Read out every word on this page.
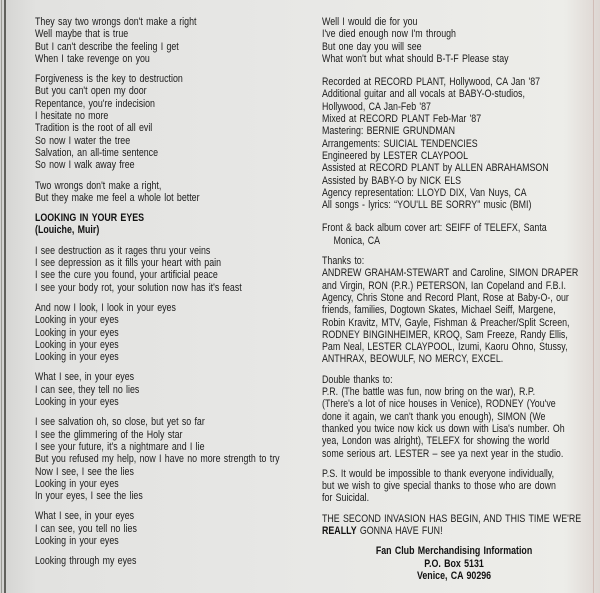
They say two wrongs don't make a right
Well maybe that is true
But I can't describe the feeling I get
When I take revenge on you
Forgiveness is the key to destruction
But you can't open my door
Repentance, you're indecision
I hesitate no more
Tradition is the root of all evil
So now I water the tree
Salvation, an all-time sentence
So now I walk away free
Two wrongs don't make a right,
But they make me feel a whole lot better
LOOKING IN YOUR EYES
(Louiche, Muir)
I see destruction as it rages thru your veins
I see depression as it fills your heart with pain
I see the cure you found, your artificial peace
I see your body rot, your solution now has it's feast
And now I look, I look in your eyes
Looking in your eyes
Looking in your eyes
Looking in your eyes
Looking in your eyes
What I see, in your eyes
I can see, they tell no lies
Looking in your eyes
I see salvation oh, so close, but yet so far
I see the glimmering of the Holy star
I see your future, it's a nightmare and I lie
But you refused my help, now I have no more strength to try
Now I see, I see the lies
Looking in your eyes
In your eyes, I see the lies
What I see, in your eyes
I can see, you tell no lies
Looking in your eyes
Looking through my eyes
Well I would die for you
I've died enough now I'm through
But one day you will see
What won't but what should B-T-F Please stay
Recorded at RECORD PLANT, Hollywood, CA Jan '87
Additional guitar and all vocals at BABY-O-studios,
Hollywood, CA Jan-Feb '87
Mixed at RECORD PLANT Feb-Mar '87
Mastering: BERNIE GRUNDMAN
Arrangements: SUICIAL TENDENCIES
Engineered by LESTER CLAYPOOL
Assisted at RECORD PLANT by ALLEN ABRAHAMSON
Assisted by BABY-O by NICK ELS
Agency representation: LLOYD DIX, Van Nuys, CA
All songs - lyrics: “YOU'LL BE SORRY” music (BMI)
Front & back album cover art: SEIFF of TELEFX, Santa
Monica, CA
Thanks to:
ANDREW GRAHAM-STEWART and Caroline, SIMON DRAPER
and Virgin, RON (P.R.) PETERSON, Ian Copeland and F.B.I.
Agency, Chris Stone and Record Plant, Rose at Baby-O-, our
friends, families, Dogtown Skates, Michael Seiff, Margene,
Robin Kravitz, MTV, Gayle, Fishman & Preacher/Split Screen,
RODNEY BINGINHEIMER, KROQ, Sam Freeze, Randy Ellis,
Pam Neal, LESTER CLAYPOOL, Izumi, Kaoru Ohno, Stussy,
ANTHRAX, BEOWULF, NO MERCY, EXCEL.
Double thanks to:
P.R. (The battle was fun, now bring on the war), R.P.
(There's a lot of nice houses in Venice), RODNEY (You've
done it again, we can't thank you enough), SIMON (We
thanked you twice now kick us down with Lisa's number. Oh
yea, London was alright), TELEFX for showing the world
some serious art. LESTER – see ya next year in the studio.
P.S. It would be impossible to thank everyone individually,
but we wish to give special thanks to those who are down
for Suicidal.
THE SECOND INVASION HAS BEGIN, AND THIS TIME WE'RE
REALLY GONNA HAVE FUN!
Fan Club Merchandising Information
P.O. Box 5131
Venice, CA 90296
